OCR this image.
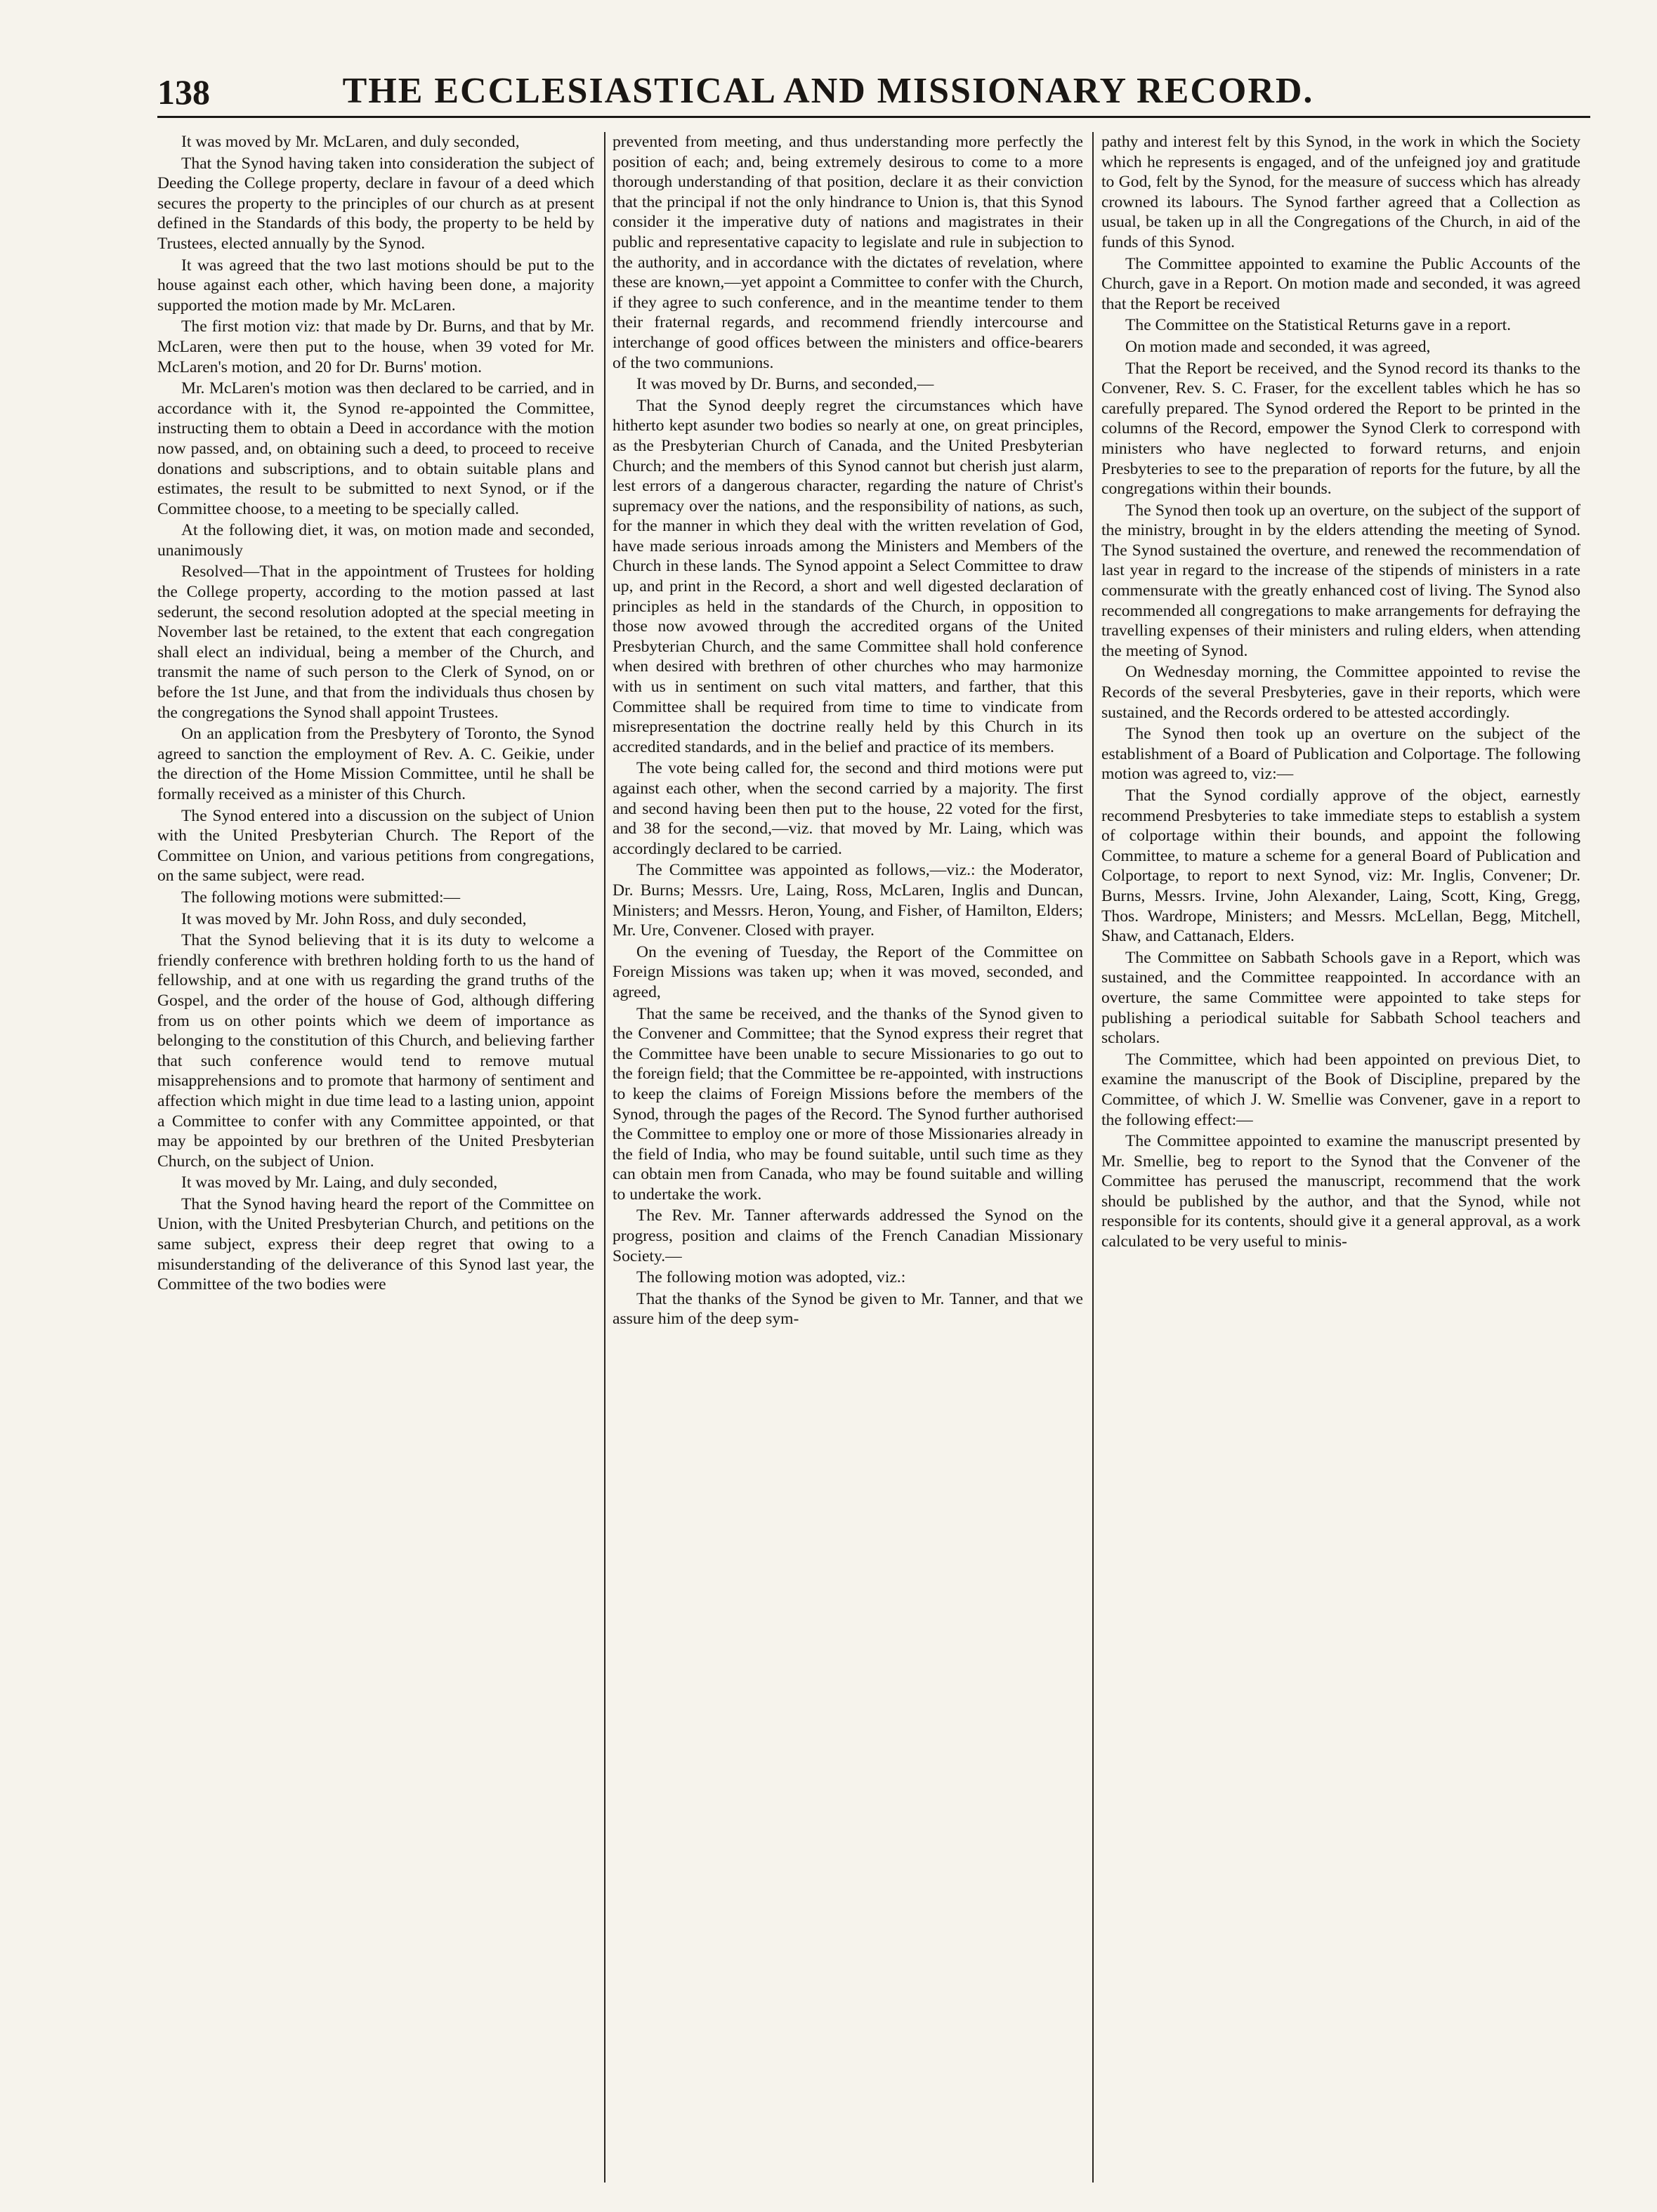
138	THE ECCLESIASTICAL AND MISSIONARY RECORD.

It was moved by Mr. McLaren, and duly seconded,

That the Synod having taken into consideration the subject of Deeding the College property, declare in favour of a deed which secures the property to the principles of our church as at present defined in the Standards of this body, the property to be held by Trustees, elected annually by the Synod.

It was agreed that the two last motions should be put to the house against each other, which having been done, a majority supported the motion made by Mr. McLaren.

The first motion viz: that made by Dr. Burns, and that by Mr. McLaren, were then put to the house, when 39 voted for Mr. McLaren's motion, and 20 for Dr. Burns' motion.

Mr. McLaren's motion was then declared to be carried, and in accordance with it, the Synod re-appointed the Committee, instructing them to obtain a Deed in accordance with the motion now passed, and, on obtaining such a deed, to proceed to receive donations and subscriptions, and to obtain suitable plans and estimates, the result to be submitted to next Synod, or if the Committee choose, to a meeting to be specially called.

At the following diet, it was, on motion made and seconded, unanimously

Resolved—That in the appointment of Trustees for holding the College property, according to the motion passed at last sederunt, the second resolution adopted at the special meeting in November last be retained, to the extent that each congregation shall elect an individual, being a member of the Church, and transmit the name of such person to the Clerk of Synod, on or before the 1st June, and that from the individuals thus chosen by the congregations the Synod shall appoint Trustees.

On an application from the Presbytery of Toronto, the Synod agreed to sanction the employment of Rev. A. C. Geikie, under the direction of the Home Mission Committee, until he shall be formally received as a minister of this Church.

The Synod entered into a discussion on the subject of Union with the United Presbyterian Church. The Report of the Committee on Union, and various petitions from congregations, on the same subject, were read.

The following motions were submitted:—

It was moved by Mr. John Ross, and duly seconded,

That the Synod believing that it is its duty to welcome a friendly conference with brethren holding forth to us the hand of fellowship, and at one with us regarding the grand truths of the Gospel, and the order of the house of God, although differing from us on other points which we deem of importance as belonging to the constitution of this Church, and believing farther that such conference would tend to remove mutual misapprehensions and to promote that harmony of sentiment and affection which might in due time lead to a lasting union, appoint a Committee to confer with any Committee appointed, or that may be appointed by our brethren of the United Presbyterian Church, on the subject of Union.

It was moved by Mr. Laing, and duly seconded,

That the Synod having heard the report of the Committee on Union, with the United Presbyterian Church, and petitions on the same subject, express their deep regret that owing to a misunderstanding of the deliverance of this Synod last year, the Committee of the two bodies were

prevented from meeting, and thus understanding more perfectly the position of each; and, being extremely desirous to come to a more thorough understanding of that position, declare it as their conviction that the principal if not the only hindrance to Union is, that this Synod consider it the imperative duty of nations and magistrates in their public and representative capacity to legislate and rule in subjection to the authority, and in accordance with the dictates of revelation, where these are known,—yet appoint a Committee to confer with the Church, if they agree to such conference, and in the meantime tender to them their fraternal regards, and recommend friendly intercourse and interchange of good offices between the ministers and office-bearers of the two communions.

It was moved by Dr. Burns, and seconded,—

That the Synod deeply regret the circumstances which have hitherto kept asunder two bodies so nearly at one, on great principles, as the Presbyterian Church of Canada, and the United Presbyterian Church; and the members of this Synod cannot but cherish just alarm, lest errors of a dangerous character, regarding the nature of Christ's supremacy over the nations, and the responsibility of nations, as such, for the manner in which they deal with the written revelation of God, have made serious inroads among the Ministers and Members of the Church in these lands. The Synod appoint a Select Committee to draw up, and print in the Record, a short and well digested declaration of principles as held in the standards of the Church, in opposition to those now avowed through the accredited organs of the United Presbyterian Church, and the same Committee shall hold conference when desired with brethren of other churches who may harmonize with us in sentiment on such vital matters, and farther, that this Committee shall be required from time to time to vindicate from misrepresentation the doctrine really held by this Church in its accredited standards, and in the belief and practice of its members.

The vote being called for, the second and third motions were put against each other, when the second carried by a majority. The first and second having been then put to the house, 22 voted for the first, and 38 for the second,—viz. that moved by Mr. Laing, which was accordingly declared to be carried.

The Committee was appointed as follows,—viz.: the Moderator, Dr. Burns; Messrs. Ure, Laing, Ross, McLaren, Inglis and Duncan, Ministers; and Messrs. Heron, Young, and Fisher, of Hamilton, Elders; Mr. Ure, Convener. Closed with prayer.

On the evening of Tuesday, the Report of the Committee on Foreign Missions was taken up; when it was moved, seconded, and agreed,

That the same be received, and the thanks of the Synod given to the Convener and Committee; that the Synod express their regret that the Committee have been unable to secure Missionaries to go out to the foreign field; that the Committee be re-appointed, with instructions to keep the claims of Foreign Missions before the members of the Synod, through the pages of the Record. The Synod further authorised the Committee to employ one or more of those Missionaries already in the field of India, who may be found suitable, until such time as they can obtain men from Canada, who may be found suitable and willing to undertake the work.

The Rev. Mr. Tanner afterwards addressed the Synod on the progress, position and claims of the French Canadian Missionary Society.—

The following motion was adopted, viz.:

That the thanks of the Synod be given to Mr. Tanner, and that we assure him of the deep sym-

pathy and interest felt by this Synod, in the work in which the Society which he represents is engaged, and of the unfeigned joy and gratitude to God, felt by the Synod, for the measure of success which has already crowned its labours. The Synod farther agreed that a Collection as usual, be taken up in all the Congregations of the Church, in aid of the funds of this Synod.

The Committee appointed to examine the Public Accounts of the Church, gave in a Report. On motion made and seconded, it was agreed that the Report be received

The Committee on the Statistical Returns gave in a report.

On motion made and seconded, it was agreed,

That the Report be received, and the Synod record its thanks to the Convener, Rev. S. C. Fraser, for the excellent tables which he has so carefully prepared. The Synod ordered the Report to be printed in the columns of the Record, empower the Synod Clerk to correspond with ministers who have neglected to forward returns, and enjoin Presbyteries to see to the preparation of reports for the future, by all the congregations within their bounds.

The Synod then took up an overture, on the subject of the support of the ministry, brought in by the elders attending the meeting of Synod. The Synod sustained the overture, and renewed the recommendation of last year in regard to the increase of the stipends of ministers in a rate commensurate with the greatly enhanced cost of living. The Synod also recommended all congregations to make arrangements for defraying the travelling expenses of their ministers and ruling elders, when attending the meeting of Synod.

On Wednesday morning, the Committee appointed to revise the Records of the several Presbyteries, gave in their reports, which were sustained, and the Records ordered to be attested accordingly.

The Synod then took up an overture on the subject of the establishment of a Board of Publication and Colportage. The following motion was agreed to, viz:—

That the Synod cordially approve of the object, earnestly recommend Presbyteries to take immediate steps to establish a system of colportage within their bounds, and appoint the following Committee, to mature a scheme for a general Board of Publication and Colportage, to report to next Synod, viz: Mr. Inglis, Convener; Dr. Burns, Messrs. Irvine, John Alexander, Laing, Scott, King, Gregg, Thos. Wardrope, Ministers; and Messrs. McLellan, Begg, Mitchell, Shaw, and Cattanach, Elders.

The Committee on Sabbath Schools gave in a Report, which was sustained, and the Committee reappointed. In accordance with an overture, the same Committee were appointed to take steps for publishing a periodical suitable for Sabbath School teachers and scholars.

The Committee, which had been appointed on previous Diet, to examine the manuscript of the Book of Discipline, prepared by the Committee, of which J. W. Smellie was Convener, gave in a report to the following effect:—

The Committee appointed to examine the manuscript presented by Mr. Smellie, beg to report to the Synod that the Convener of the Committee has perused the manuscript, recommend that the work should be published by the author, and that the Synod, while not responsible for its contents, should give it a general approval, as a work calculated to be very useful to minis-
